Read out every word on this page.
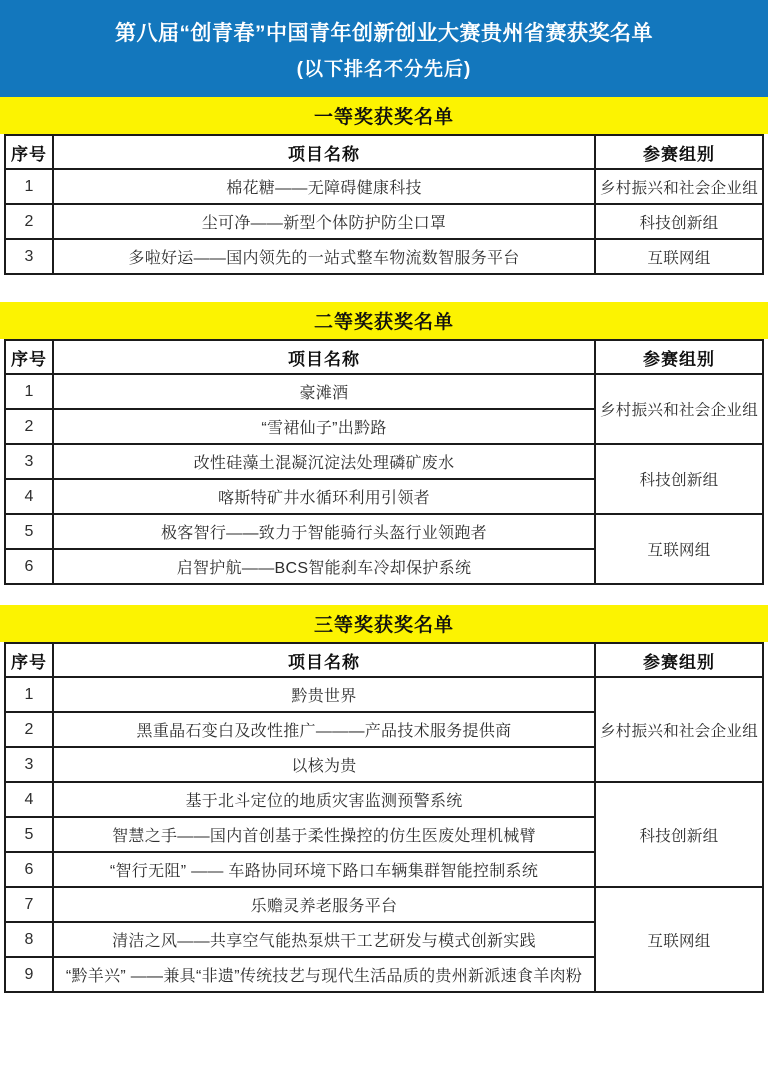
第八届“创青春”中国青年创新创业大赛贵州省赛获奖名单
(以下排名不分先后)
一等奖获奖名单
序号	项目名称	参赛组别
1	棉花糖——无障碍健康科技	乡村振兴和社会企业组
2	尘可净——新型个体防护防尘口罩	科技创新组
3	多啦好运——国内领先的一站式整车物流数智服务平台	互联网组
二等奖获奖名单
序号	项目名称	参赛组别
1	豪滩酒	乡村振兴和社会企业组
2	“雪裙仙子”出黔路	
3	改性硅藻土混凝沉淀法处理磷矿废水	科技创新组
4	喀斯特矿井水循环利用引领者	
5	极客智行——致力于智能骑行头盔行业领跑者	互联网组
6	启智护航——BCS智能刹车冷却保护系统	
三等奖获奖名单
序号	项目名称	参赛组别
1	黔贵世界	乡村振兴和社会企业组
2	黑重晶石变白及改性推广———产品技术服务提供商	
3	以核为贵	
4	基于北斗定位的地质灾害监测预警系统	科技创新组
5	智慧之手——国内首创基于柔性操控的仿生医废处理机械臂	
6	“智行无阻” —— 车路协同环境下路口车辆集群智能控制系统	
7	乐赡灵养老服务平台	互联网组
8	清洁之风——共享空气能热泵烘干工艺研发与模式创新实践	
9	“黔羊兴” ——兼具“非遗”传统技艺与现代生活品质的贵州新派速食羊肉粉	
